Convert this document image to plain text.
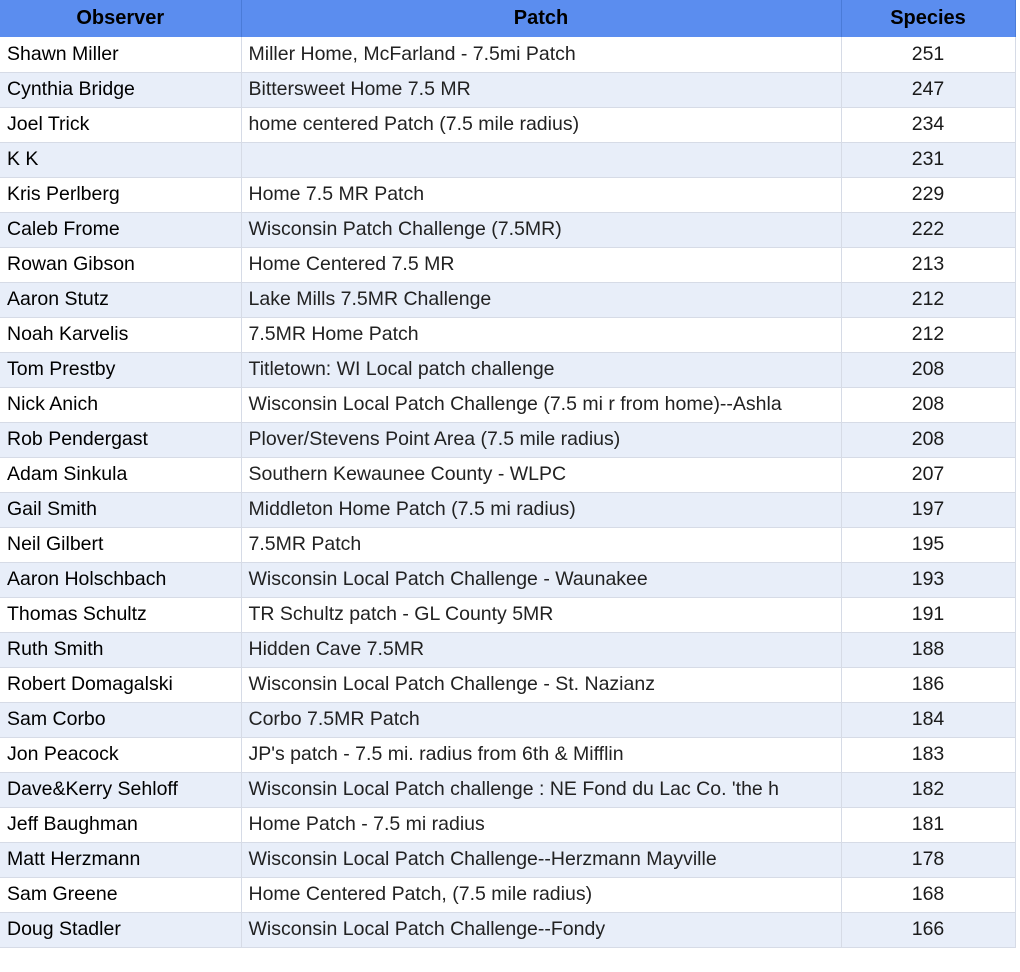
Observer	Patch	Species	
Shawn Miller	Miller Home, McFarland - 7.5mi Patch	251	
Cynthia Bridge	Bittersweet Home 7.5 MR	247	
Joel Trick	home centered Patch (7.5 mile radius)	234	
K K		231	
Kris Perlberg	Home 7.5 MR Patch	229	
Caleb Frome	Wisconsin Patch Challenge (7.5MR)	222	
Rowan Gibson	Home Centered 7.5 MR	213	
Aaron Stutz	Lake Mills 7.5MR Challenge	212	
Noah Karvelis	7.5MR Home Patch	212	
Tom Prestby	Titletown: WI Local patch challenge	208	
Nick Anich	Wisconsin Local Patch Challenge (7.5 mi r from home)--Ashla	208	
Rob Pendergast	Plover/Stevens Point Area (7.5 mile radius)	208	
Adam Sinkula	Southern Kewaunee County - WLPC	207	
Gail Smith	Middleton Home Patch (7.5 mi radius)	197	
Neil Gilbert	7.5MR Patch	195	
Aaron Holschbach	Wisconsin Local Patch Challenge - Waunakee	193	
Thomas Schultz	TR Schultz patch - GL County 5MR	191	
Ruth Smith	Hidden Cave 7.5MR	188	
Robert Domagalski	Wisconsin Local Patch Challenge - St. Nazianz	186	
Sam Corbo	Corbo 7.5MR Patch	184	
Jon Peacock	JP's patch - 7.5 mi. radius from 6th & Mifflin	183	
Dave&Kerry Sehloff	Wisconsin Local Patch challenge : NE Fond du Lac Co. 'the h	182	
Jeff Baughman	Home Patch - 7.5 mi radius	181	
Matt Herzmann	Wisconsin Local Patch Challenge--Herzmann Mayville	178	
Sam Greene	Home Centered Patch, (7.5 mile radius)	168	
Doug Stadler	Wisconsin Local Patch Challenge--Fondy	166	
